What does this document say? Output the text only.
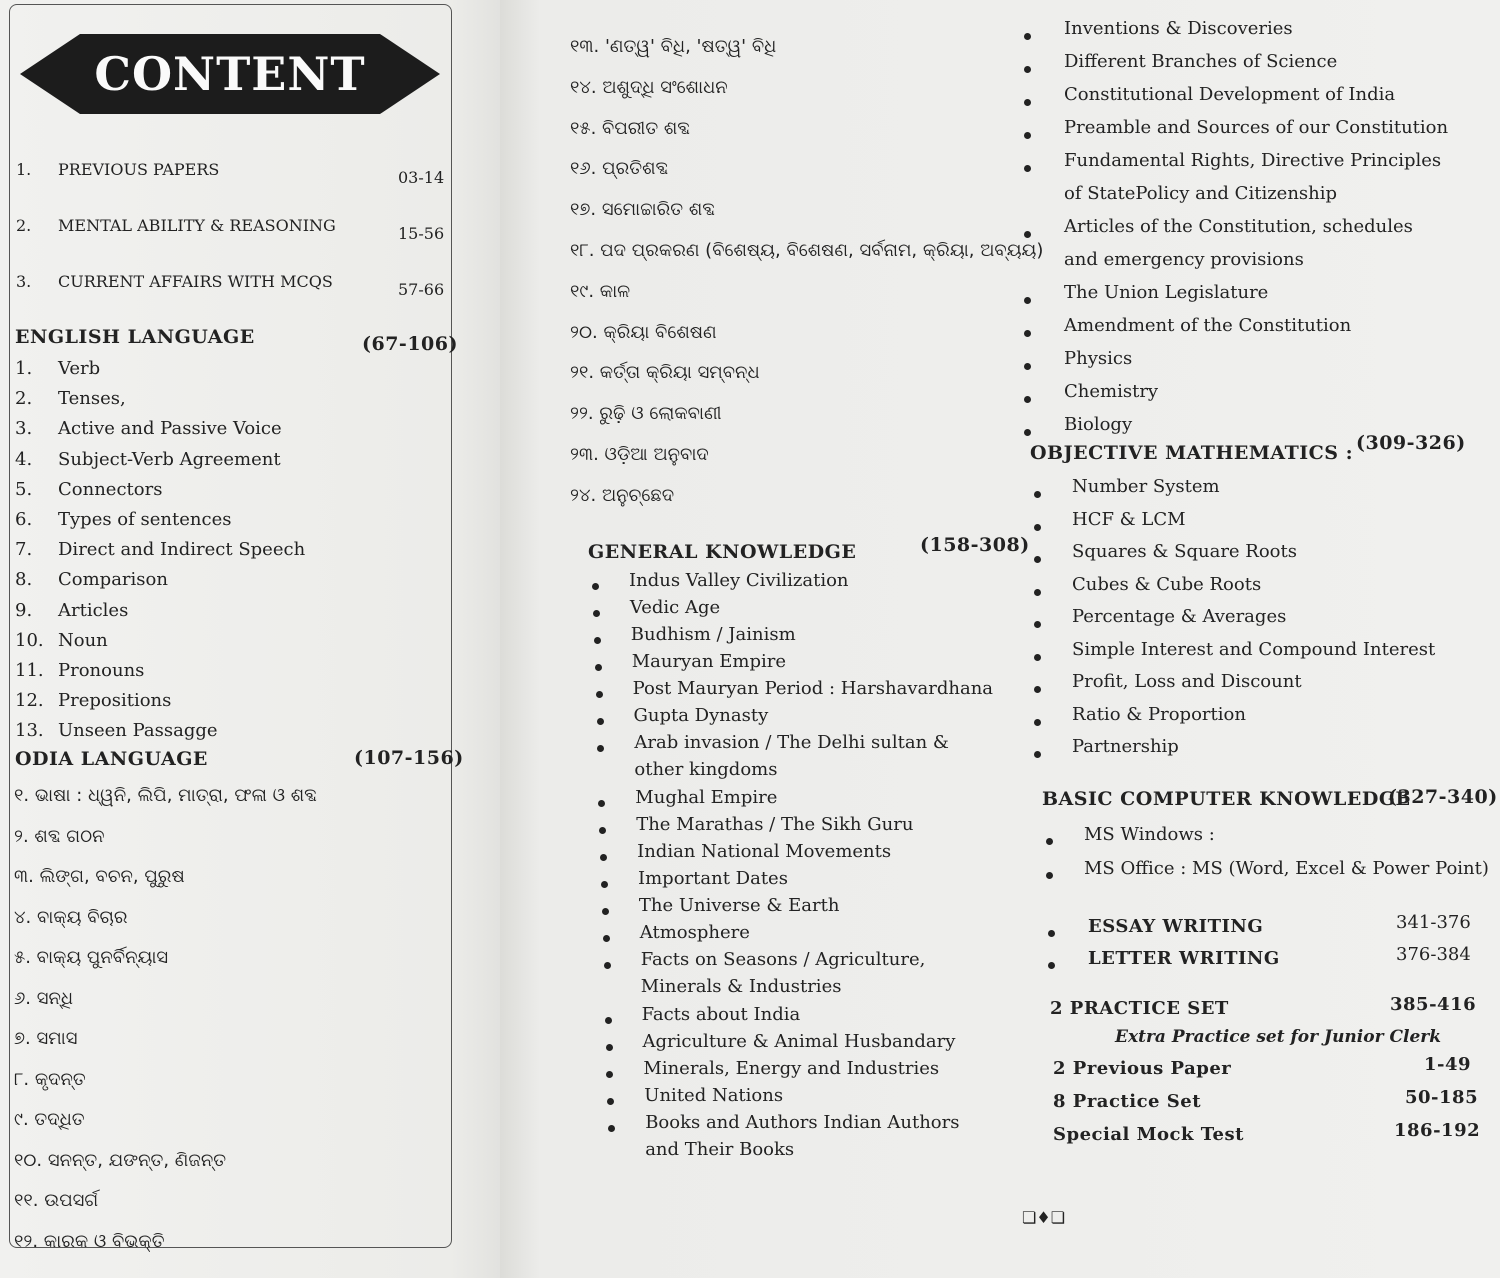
CONTENT
1. PREVIOUS PAPERS	03-14
2. MENTAL ABILITY & REASONING	15-56
3. CURRENT AFFAIRS WITH MCQS	57-66
ENGLISH LANGUAGE	(67-106)
1. Verb
2. Tenses,
3. Active and Passive Voice
4. Subject-Verb Agreement
5. Connectors
6. Types of sentences
7. Direct and Indirect Speech
8. Comparison
9. Articles
10. Noun
11. Pronouns
12. Prepositions
13. Unseen Passagge
ODIA LANGUAGE	(107-156)
୧. ଭାଷା : ଧ୍ୱନି, ଲିପି, ମାତ୍ରା, ଫଳା ଓ ଶବ୍ଦ
୨. ଶବ୍ଦ ଗଠନ
୩. ଲିଙ୍ଗ, ବଚନ, ପୁରୁଷ
୪. ବାକ୍ୟ ବିଚାର
୫. ବାକ୍ୟ ପୁନର୍ବିନ୍ୟାସ
୬. ସନ୍ଧି
୭. ସମାସ
୮. କୃଦନ୍ତ
୯. ତଦ୍ଧିତ
୧୦. ସନନ୍ତ, ଯଙନ୍ତ, ଣିଜନ୍ତ
୧୧. ଉପସର୍ଗ
୧୨. କାରକ ଓ ବିଭକ୍ତି
୧୩. 'ଣତ୍ୱ' ବିଧି, 'ଷତ୍ୱ' ବିଧି
୧୪. ଅଶୁଦ୍ଧି ସଂଶୋଧନ
୧୫. ବିପରୀତ ଶବ୍ଦ
୧୬. ପ୍ରତିଶବ୍ଦ
୧୭. ସମୋଚ୍ଚାରିତ ଶବ୍ଦ
୧୮. ପଦ ପ୍ରକରଣ (ବିଶେଷ୍ୟ, ବିଶେଷଣ, ସର୍ବନାମ, କ୍ରିୟା, ଅବ୍ୟୟ)
୧୯. କାଳ
୨୦. କ୍ରିୟା ବିଶେଷଣ
୨୧. କର୍ତ୍ତା କ୍ରିୟା ସମ୍ବନ୍ଧ
୨୨. ରୁଢ଼ି ଓ ଲୋକବାଣୀ
୨୩. ଓଡ଼ିଆ ଅନୁବାଦ
୨୪. ଅନୁଚ୍ଛେଦ
GENERAL KNOWLEDGE	(158-308)
Indus Valley Civilization
Vedic Age
Budhism / Jainism
Mauryan Empire
Post Mauryan Period : Harshavardhana
Gupta Dynasty
Arab invasion / The Delhi sultan &
other kingdoms
Mughal Empire
The Marathas / The Sikh Guru
Indian National Movements
Important Dates
The Universe & Earth
Atmosphere
Facts on Seasons / Agriculture,
Minerals & Industries
Facts about India
Agriculture & Animal Husbandary
Minerals, Energy and Industries
United Nations
Books and Authors Indian Authors
and Their Books
Inventions & Discoveries
Different Branches of Science
Constitutional Development of India
Preamble and Sources of our Constitution
Fundamental Rights, Directive Principles
of StatePolicy and Citizenship
Articles of the Constitution, schedules
and emergency provisions
The Union Legislature
Amendment of the Constitution
Physics
Chemistry
Biology
OBJECTIVE MATHEMATICS : (309-326)
Number System
HCF & LCM
Squares & Square Roots
Cubes & Cube Roots
Percentage & Averages
Simple Interest and Compound Interest
Profit, Loss and Discount
Ratio & Proportion
Partnership
BASIC COMPUTER KNOWLEDGE
(327-340)
MS Windows :
MS Office : MS (Word, Excel & Power Point)
ESSAY WRITING	341-376
LETTER WRITING	376-384
2 PRACTICE SET	385-416
Extra Practice set for Junior Clerk
2 Previous Paper	1-49
8 Practice Set	50-185
Special Mock Test	186-192
❏♦❏
